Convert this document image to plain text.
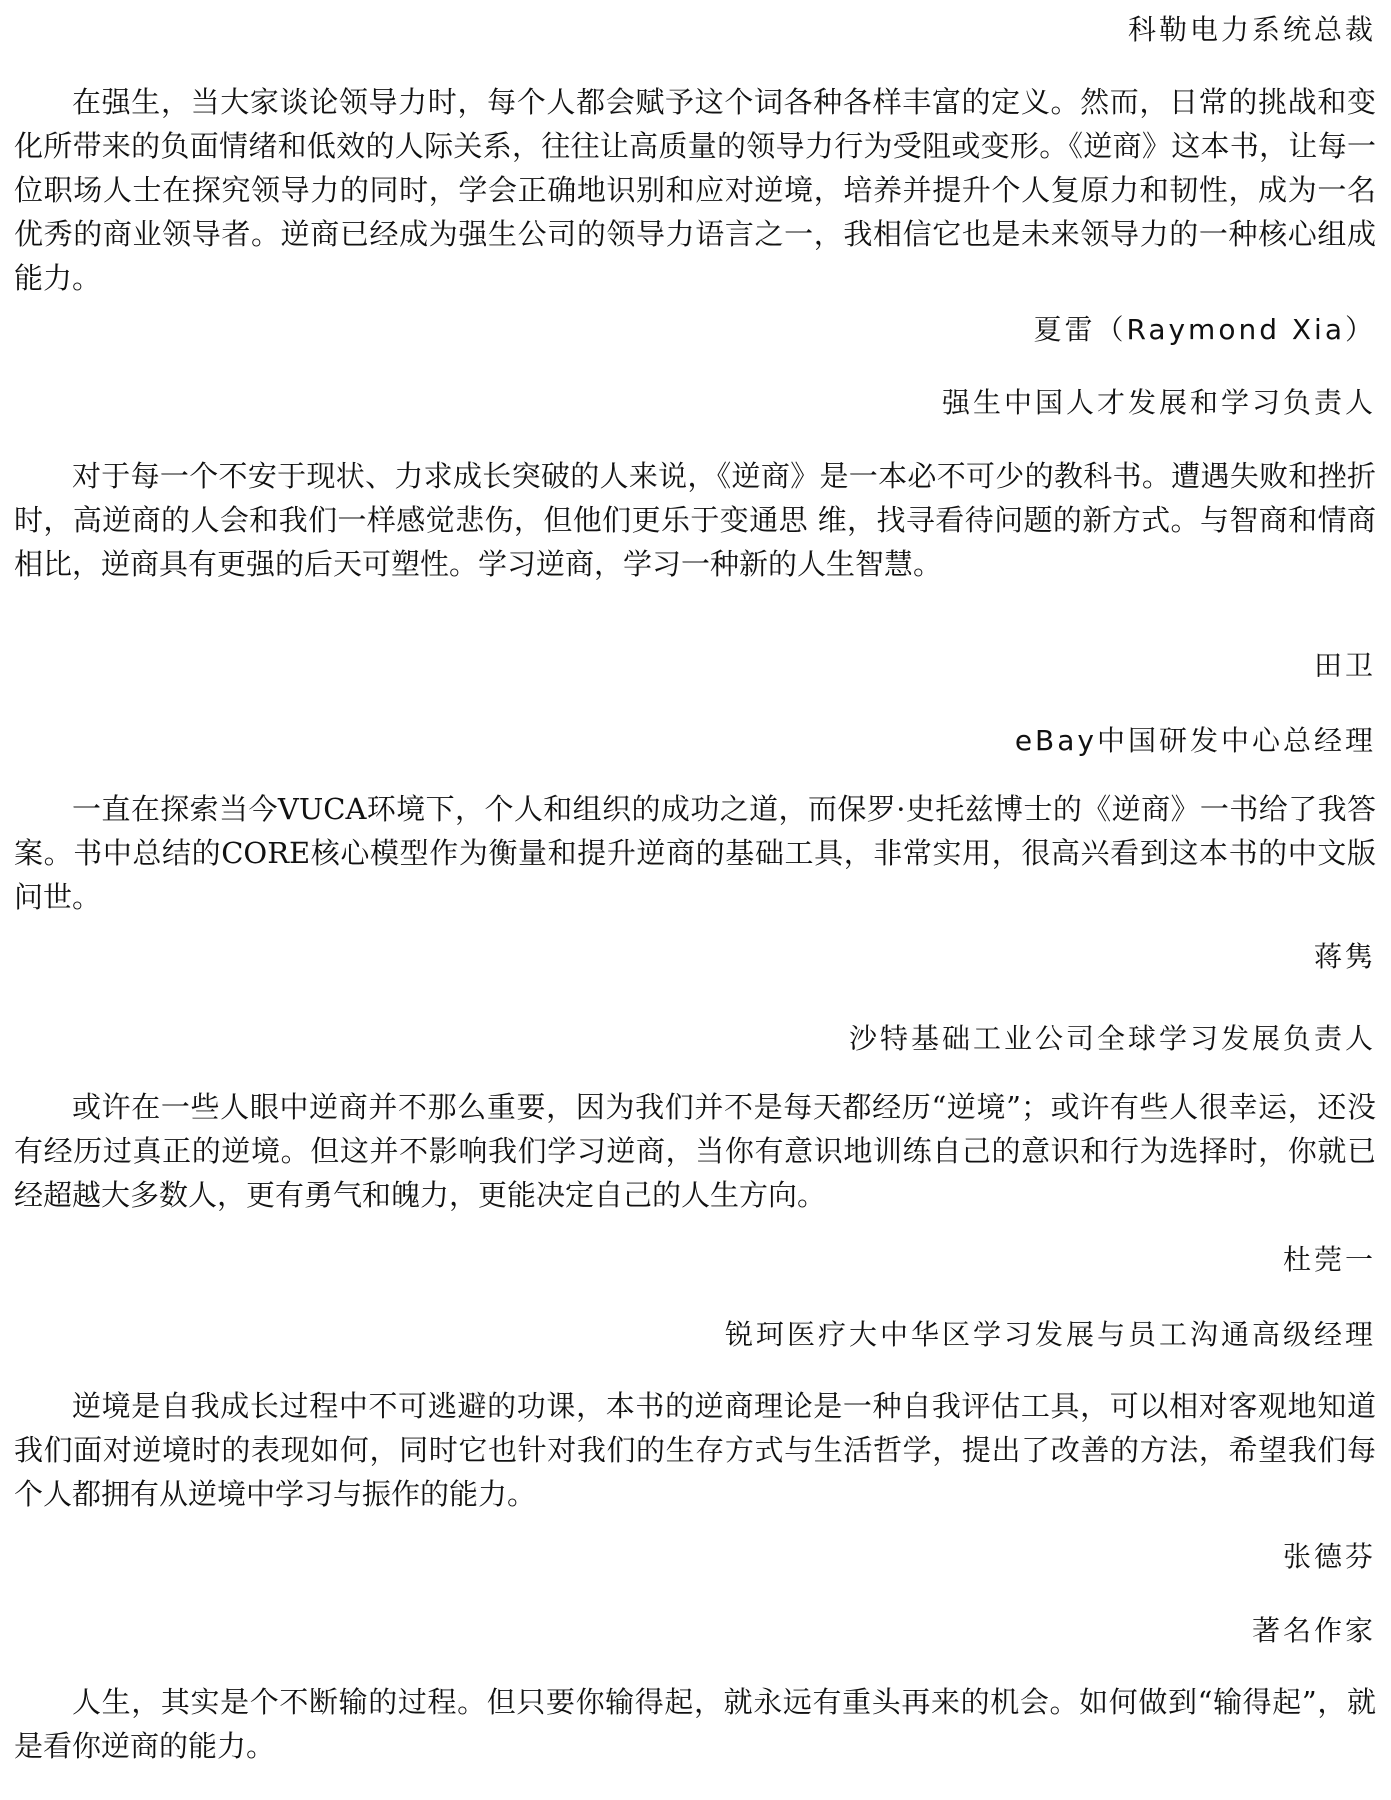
科勒电力系统总裁

在强生，当大家谈论领导力时，每个人都会赋予这个词各种各样丰富的定义。然而，日常的挑战和变化所带来的负面情绪和低效的人际关系，往往让高质量的领导力行为受阻或变形。《逆商》这本书，让每一位职场人士在探究领导力的同时，学会正确地识别和应对逆境，培养并提升个人复原力和韧性，成为一名优秀的商业领导者。逆商已经成为强生公司的领导力语言之一，我相信它也是未来领导力的一种核心组成能力。

夏雷（Raymond Xia）

强生中国人才发展和学习负责人

对于每一个不安于现状、力求成长突破的人来说，《逆商》是一本必不可少的教科书。遭遇失败和挫折时，高逆商的人会和我们一样感觉悲伤，但他们更乐于变通思 维，找寻看待问题的新方式。与智商和情商相比，逆商具有更强的后天可塑性。学习逆商，学习一种新的人生智慧。

田卫

eBay中国研发中心总经理

一直在探索当今VUCA环境下，个人和组织的成功之道，而保罗·史托兹博士的《逆商》一书给了我答案。书中总结的CORE核心模型作为衡量和提升逆商的基础工具，非常实用，很高兴看到这本书的中文版问世。

蒋隽

沙特基础工业公司全球学习发展负责人

或许在一些人眼中逆商并不那么重要，因为我们并不是每天都经历“逆境”；或许有些人很幸运，还没有经历过真正的逆境。但这并不影响我们学习逆商，当你有意识地训练自己的意识和行为选择时，你就已经超越大多数人，更有勇气和魄力，更能决定自己的人生方向。

杜莞一

锐珂医疗大中华区学习发展与员工沟通高级经理

逆境是自我成长过程中不可逃避的功课，本书的逆商理论是一种自我评估工具，可以相对客观地知道我们面对逆境时的表现如何，同时它也针对我们的生存方式与生活哲学，提出了改善的方法，希望我们每个人都拥有从逆境中学习与振作的能力。

张德芬

著名作家

人生，其实是个不断输的过程。但只要你输得起，就永远有重头再来的机会。如何做到“输得起”，就是看你逆商的能力。
